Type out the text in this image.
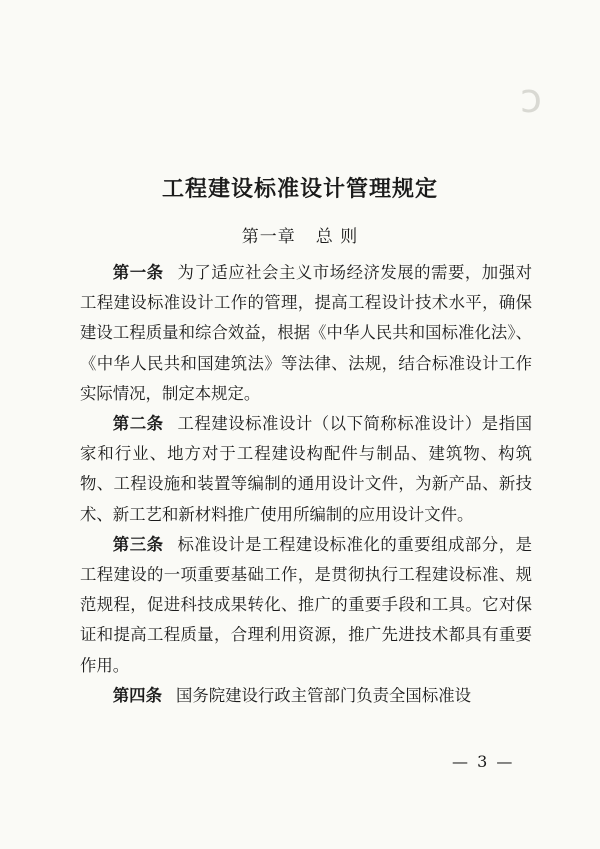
ↄ
工程建设标准设计管理规定
第一章 总 则

第一条 为了适应社会主义市场经济发展的需要，加强对工程建设标准设计工作的管理，提高工程设计技术水平，确保建设工程质量和综合效益，根据《中华人民共和国标准化法》、《中华人民共和国建筑法》等法律、法规，结合标准设计工作实际情况，制定本规定。

第二条 工程建设标准设计（以下简称标准设计）是指国家和行业、地方对于工程建设构配件与制品、建筑物、构筑物、工程设施和装置等编制的通用设计文件，为新产品、新技术、新工艺和新材料推广使用所编制的应用设计文件。

第三条 标准设计是工程建设标准化的重要组成部分，是工程建设的一项重要基础工作，是贯彻执行工程建设标准、规范规程，促进科技成果转化、推广的重要手段和工具。它对保证和提高工程质量，合理利用资源，推广先进技术都具有重要作用。

第四条 国务院建设行政主管部门负责全国标准设

— 3 —
